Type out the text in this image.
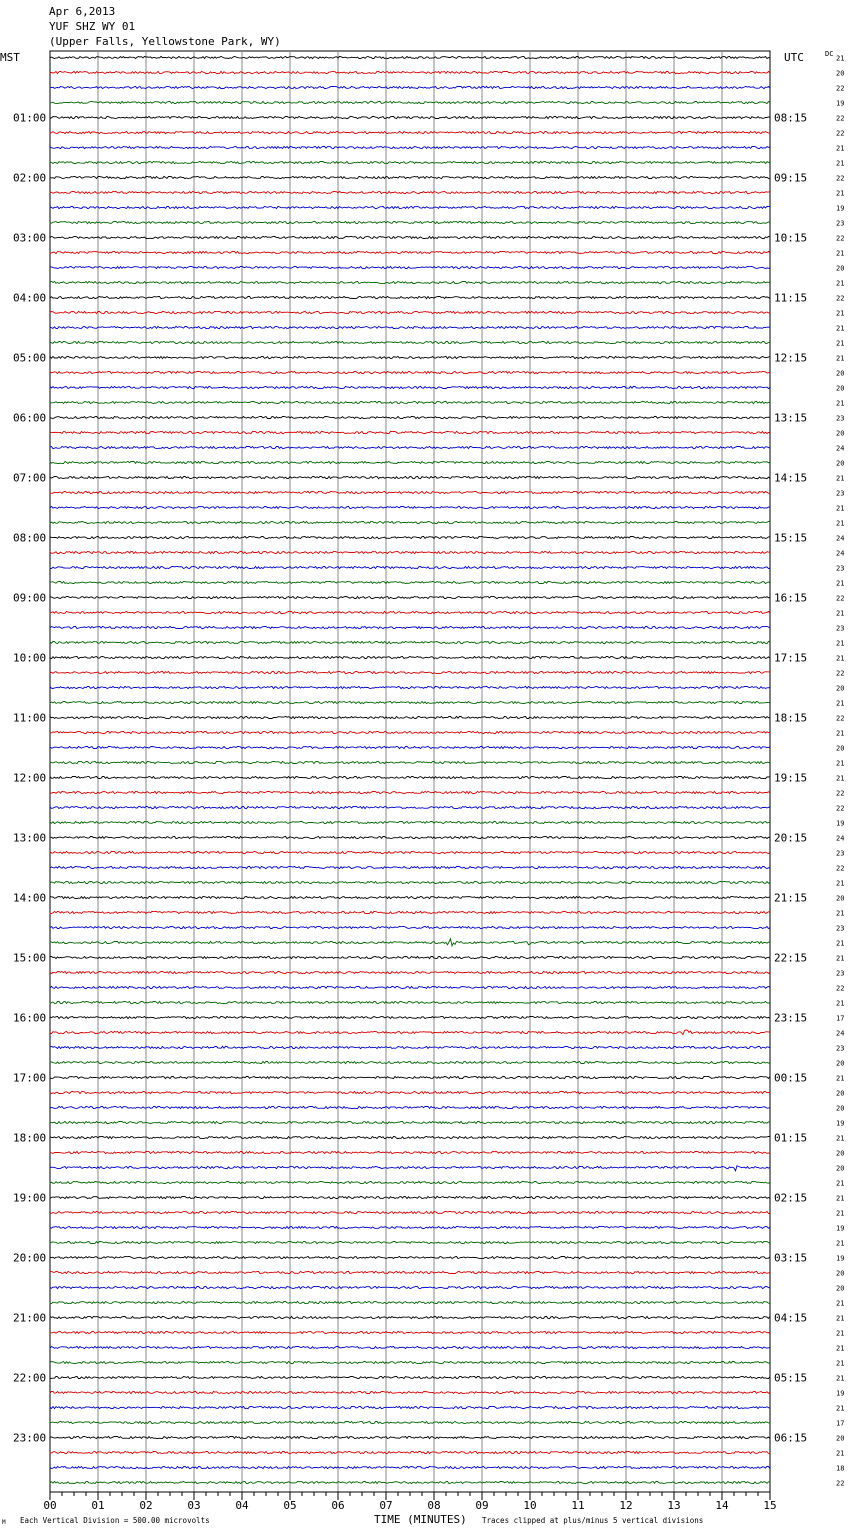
Apr 6,2013
YUF SHZ WY 01
(Upper Falls, Yellowstone Park, WY)
MST	UTC	DC
01:00
02:00
03:00
04:00
05:00
06:00
07:00
08:00
09:00
10:00
11:00
12:00
13:00
14:00
15:00
16:00
17:00
18:00
19:00
20:00
21:00
22:00
23:00
08:15
09:15
10:15
11:15
12:15
13:15
14:15
15:15
16:15
17:15
18:15
19:15
20:15
21:15
22:15
23:15
00:15
01:15
02:15
03:15
04:15
05:15
06:15
21
20
22
19
22
22
21
21
22
21
19
23
22
21
20
21
22
21
21
21
21
20
20
21
23
20
24
20
21
23
21
21
24
24
23
21
22
21
23
21
21
22
20
21
22
21
20
21
21
22
22
19
24
23
22
21
20
21
23
21
21
23
22
21
17
24
23
20
21
20
20
19
21
20
20
21
21
21
19
21
19
20
20
21
21
21
21
21
21
19
21
17
20
21
18
22
00	01	02	03	04	05	06	07	08	09	10	11	12	13	14	15
Each Vertical Division = 500.00 microvolts	TIME (MINUTES) Traces clipped at plus/minus 5 vertical divisions
M
